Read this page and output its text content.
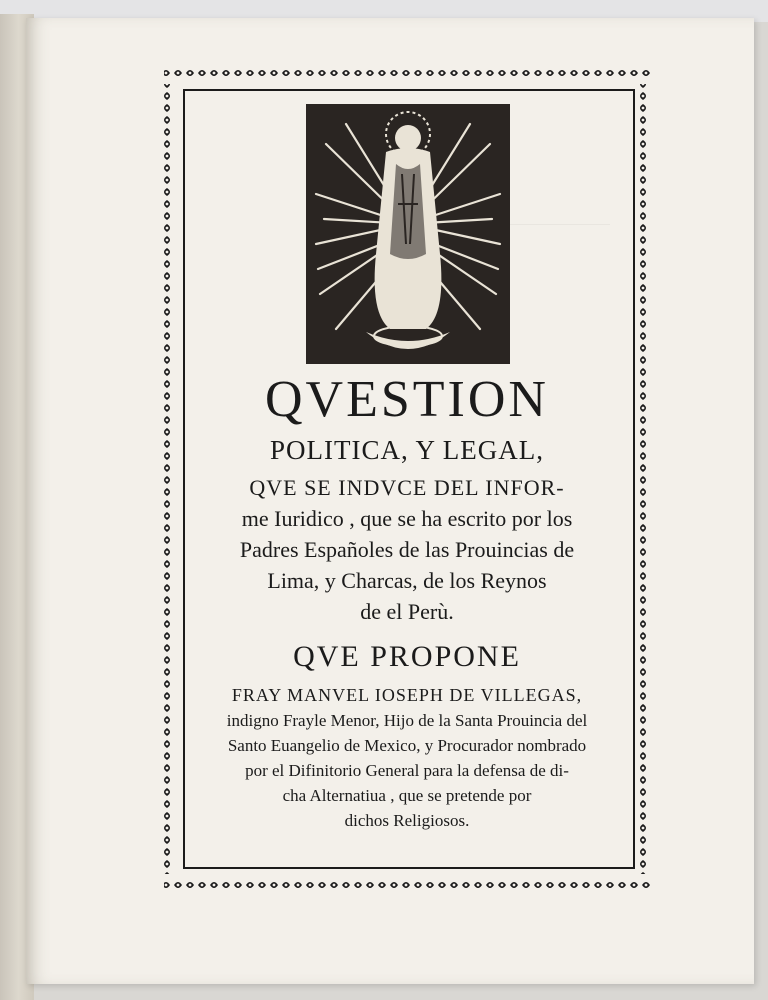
QVESTION

POLITICA, Y LEGAL,

QVE SE INDVCE DEL INFOR-
me Iuridico , que se ha escrito por los
Padres Españoles de las Prouincias de
Lima, y Charcas, de los Reynos
de el Perù.

QVE PROPONE

FRAY MANVEL IOSEPH DE VILLEGAS,
indigno Frayle Menor, Hijo de la Santa Prouincia del
Santo Euangelio de Mexico, y Procurador nombrado
por el Difinitorio General para la defensa de di-
cha Alternatiua , que se pretende por
dichos Religiosos.
